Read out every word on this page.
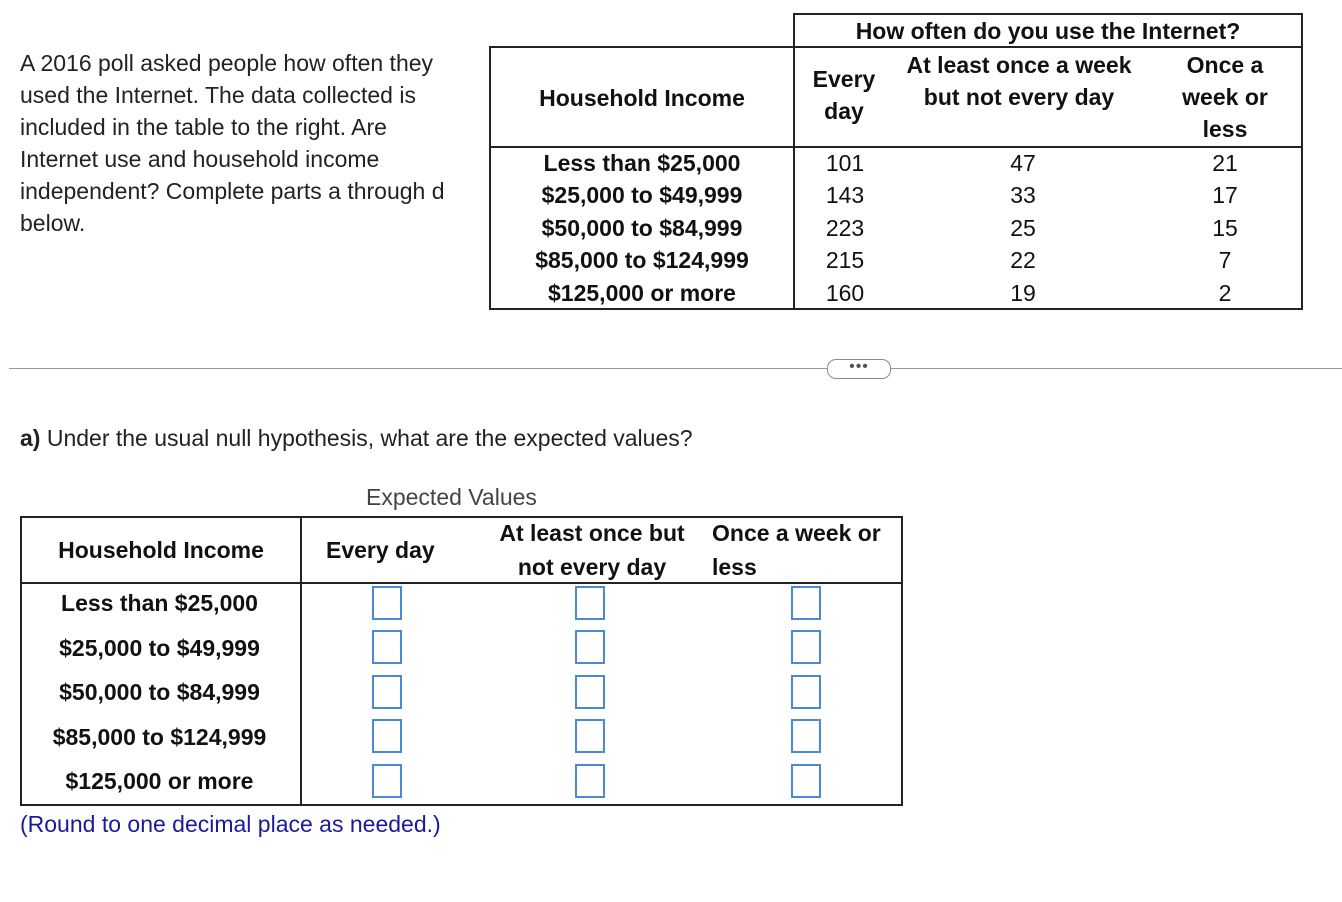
A 2016 poll asked people how often they used the Internet. The data collected is included in the table to the right. Are Internet use and household income independent? Complete parts a through d below.
How often do you use the Internet?
Household Income
Every day
At least once a week but not every day
Once a week or less
Less than $25,000
$25,000 to $49,999
$50,000 to $84,999
$85,000 to $124,999
$125,000 or more
101
143
223
215
160
47
33
25
22
19
21
17
15
7
2
•••
a) Under the usual null hypothesis, what are the expected values?
Expected Values
Household Income	Every day
At least once but not every day
Once a week or less
Less than $25,000
$25,000 to $49,999
$50,000 to $84,999
$85,000 to $124,999
$125,000 or more
(Round to one decimal place as needed.)
